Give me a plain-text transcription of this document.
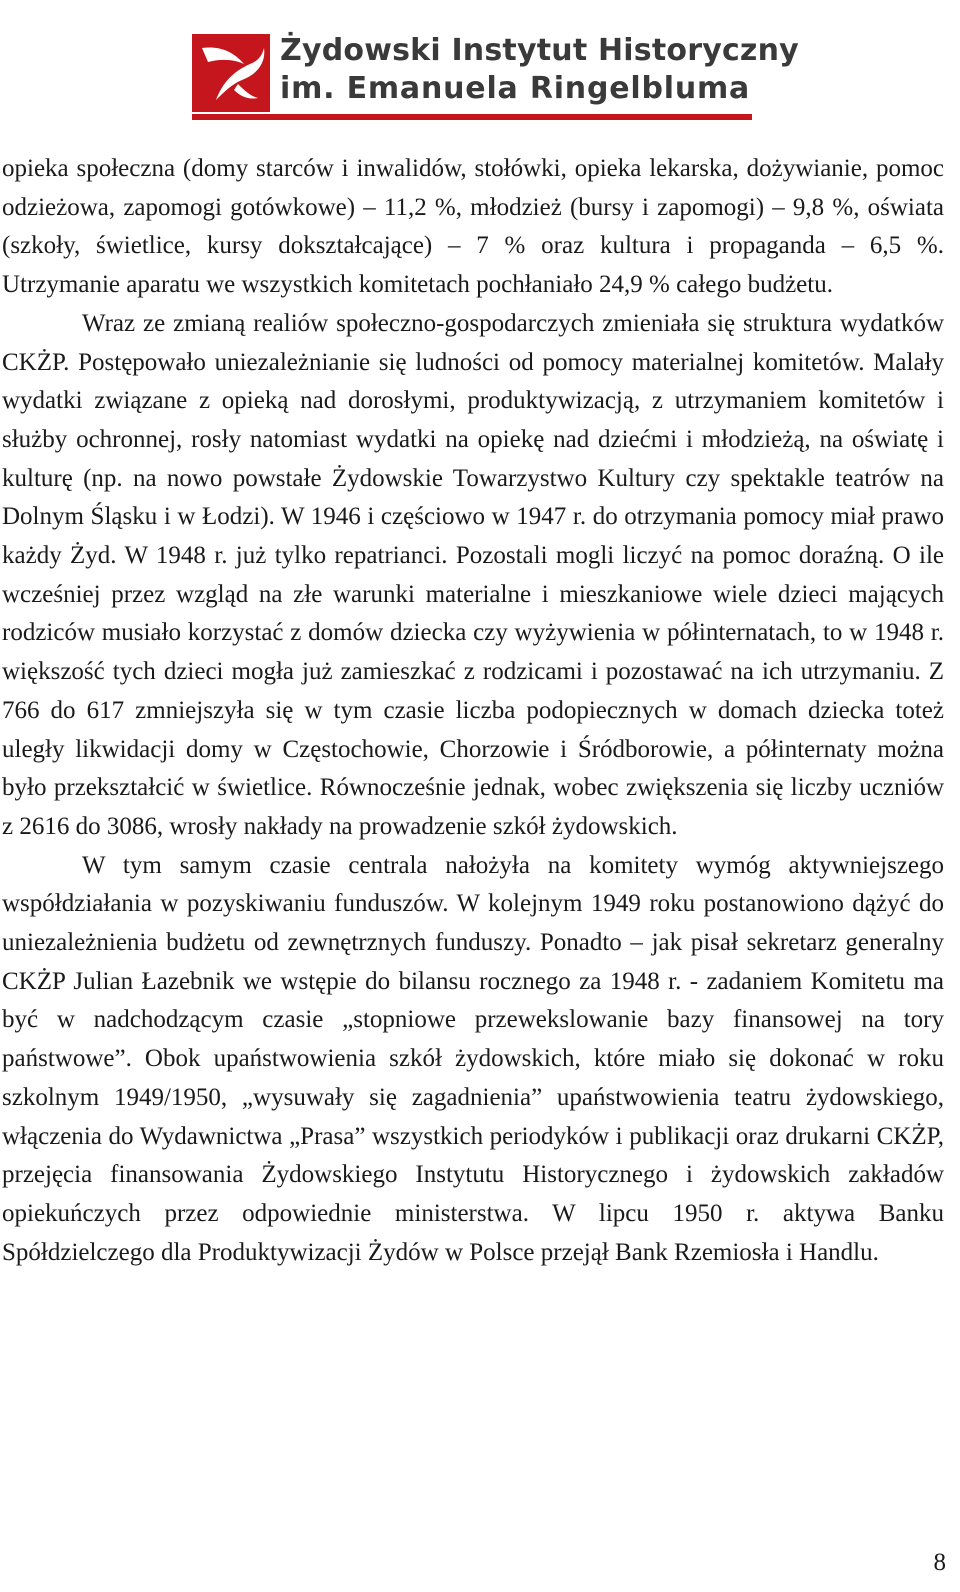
Żydowski Instytut Historyczny
im. Emanuela Ringelbluma

opieka społeczna (domy starców i inwalidów, stołówki, opieka lekarska, dożywianie, pomoc odzieżowa, zapomogi gotówkowe) – 11,2 %, młodzież (bursy i zapomogi) – 9,8 %, oświata (szkoły, świetlice, kursy dokształcające) – 7 % oraz kultura i propaganda – 6,5 %. Utrzymanie aparatu we wszystkich komitetach pochłaniało 24,9 % całego budżetu.

Wraz ze zmianą realiów społeczno-gospodarczych zmieniała się struktura wydatków CKŻP. Postępowało uniezależnianie się ludności od pomocy materialnej komitetów. Malały wydatki związane z opieką nad dorosłymi, produktywizacją, z utrzymaniem komitetów i służby ochronnej, rosły natomiast wydatki na opiekę nad dziećmi i młodzieżą, na oświatę i kulturę (np. na nowo powstałe Żydowskie Towarzystwo Kultury czy spektakle teatrów na Dolnym Śląsku i w Łodzi). W 1946 i częściowo w 1947 r. do otrzymania pomocy miał prawo każdy Żyd. W 1948 r. już tylko repatrianci. Pozostali mogli liczyć na pomoc doraźną. O ile wcześniej przez wzgląd na złe warunki materialne i mieszkaniowe wiele dzieci mających rodziców musiało korzystać z domów dziecka czy wyżywienia w półinternatach, to w 1948 r. większość tych dzieci mogła już zamieszkać z rodzicami i pozostawać na ich utrzymaniu. Z 766 do 617 zmniejszyła się w tym czasie liczba podopiecznych w domach dziecka toteż uległy likwidacji domy w Częstochowie, Chorzowie i Śródborowie, a półinternaty można było przekształcić w świetlice. Równocześnie jednak, wobec zwiększenia się liczby uczniów z 2616 do 3086, wrosły nakłady na prowadzenie szkół żydowskich.

W tym samym czasie centrala nałożyła na komitety wymóg aktywniejszego współdziałania w pozyskiwaniu funduszów. W kolejnym 1949 roku postanowiono dążyć do uniezależnienia budżetu od zewnętrznych funduszy. Ponadto – jak pisał sekretarz generalny CKŻP Julian Łazebnik we wstępie do bilansu rocznego za 1948 r. - zadaniem Komitetu ma być w nadchodzącym czasie „stopniowe przewekslowanie bazy finansowej na tory państwowe”. Obok upaństwowienia szkół żydowskich, które miało się dokonać w roku szkolnym 1949/1950, „wysuwały się zagadnienia” upaństwowienia teatru żydowskiego, włączenia do Wydawnictwa „Prasa” wszystkich periodyków i publikacji oraz drukarni CKŻP, przejęcia finansowania Żydowskiego Instytutu Historycznego i żydowskich zakładów opiekuńczych przez odpowiednie ministerstwa. W lipcu 1950 r. aktywa Banku Spółdzielczego dla Produktywizacji Żydów w Polsce przejął Bank Rzemiosła i Handlu.

8
